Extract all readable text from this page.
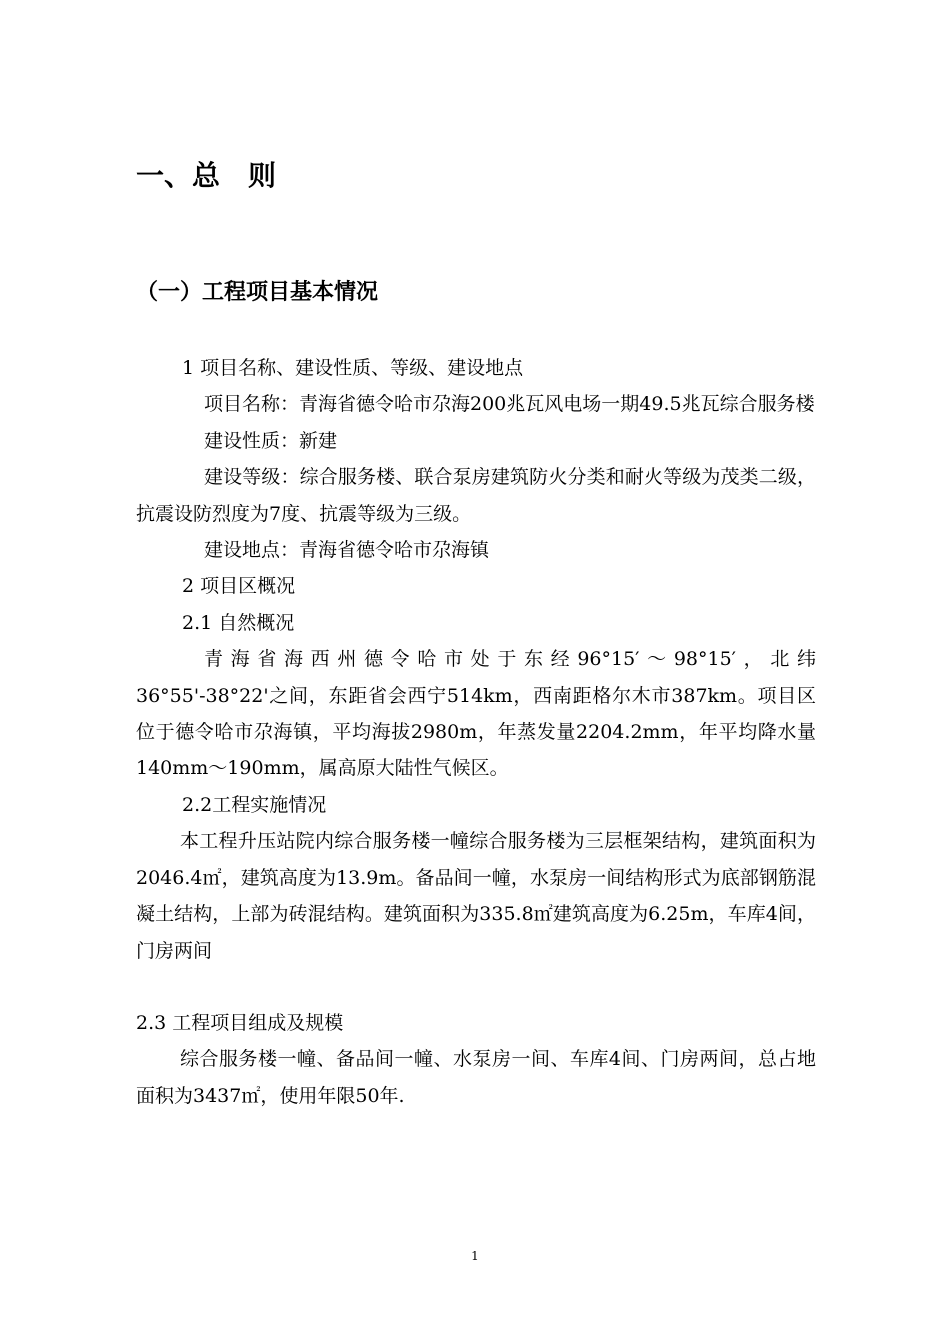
一、总　则
（一）工程项目基本情况

1 项目名称、建设性质、等级、建设地点

项目名称：青海省德令哈市尕海200兆瓦风电场一期49.5兆瓦综合服务楼

建设性质：新建

建设等级：综合服务楼、联合泵房建筑防火分类和耐火等级为茂类二级，抗震设防烈度为7度、抗震等级为三级。

建设地点：青海省德令哈市尕海镇

2 项目区概况

2.1 自然概况

青海省海西州德令哈市处于东经96°15′～98°15′，北纬36°55'-38°22'之间，东距省会西宁514km，西南距格尔木市387km。项目区位于德令哈市尕海镇，平均海拔2980m，年蒸发量2204.2mm，年平均降水量140mm～190mm，属高原大陆性气候区。

2.2工程实施情况

本工程升压站院内综合服务楼一幢综合服务楼为三层框架结构，建筑面积为2046.4㎡，建筑高度为13.9m。备品间一幢，水泵房一间结构形式为底部钢筋混凝土结构，上部为砖混结构。建筑面积为335.8㎡建筑高度为6.25m，车库4间，门房两间

2.3 工程项目组成及规模

综合服务楼一幢、备品间一幢、水泵房一间、车库4间、门房两间，总占地面积为3437㎡，使用年限50年.

1
